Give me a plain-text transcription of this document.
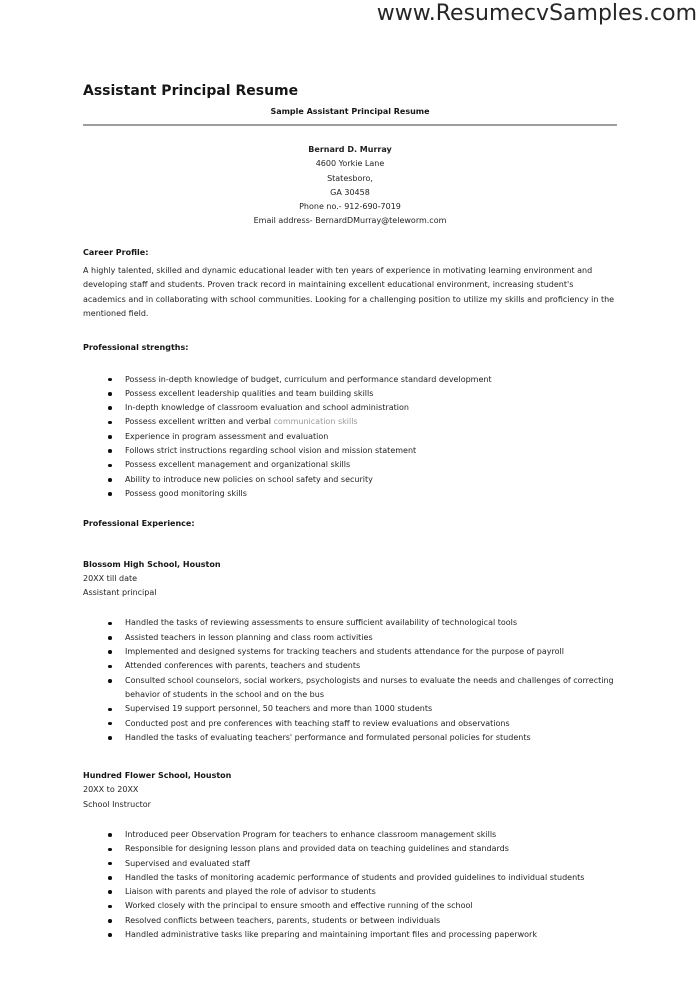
www.ResumecvSamples.com
Assistant Principal Resume
Sample Assistant Principal Resume
Bernard D. Murray
4600 Yorkie Lane
Statesboro,
GA 30458
Phone no.- 912-690-7019
Email address- BernardDMurray@teleworm.com
Career Profile:
A highly talented, skilled and dynamic educational leader with ten years of experience in motivating learning environment and developing staff and students. Proven track record in maintaining excellent educational environment, increasing student's academics and in collaborating with school communities. Looking for a challenging position to utilize my skills and proficiency in the mentioned field.
Professional strengths:
Possess in-depth knowledge of budget, curriculum and performance standard development
Possess excellent leadership qualities and team building skills
In-depth knowledge of classroom evaluation and school administration
Possess excellent written and verbal communication skills
Experience in program assessment and evaluation
Follows strict instructions regarding school vision and mission statement
Possess excellent management and organizational skills
Ability to introduce new policies on school safety and security
Possess good monitoring skills
Professional Experience:
Blossom High School, Houston
20XX till date
Assistant principal
Handled the tasks of reviewing assessments to ensure sufficient availability of technological tools
Assisted teachers in lesson planning and class room activities
Implemented and designed systems for tracking teachers and students attendance for the purpose of payroll
Attended conferences with parents, teachers and students
Consulted school counselors, social workers, psychologists and nurses to evaluate the needs and challenges of correcting behavior of students in the school and on the bus
Supervised 19 support personnel, 50 teachers and more than 1000 students
Conducted post and pre conferences with teaching staff to review evaluations and observations
Handled the tasks of evaluating teachers' performance and formulated personal policies for students
Hundred Flower School, Houston
20XX to 20XX
School Instructor
Introduced peer Observation Program for teachers to enhance classroom management skills
Responsible for designing lesson plans and provided data on teaching guidelines and standards
Supervised and evaluated staff
Handled the tasks of monitoring academic performance of students and provided guidelines to individual students
Liaison with parents and played the role of advisor to students
Worked closely with the principal to ensure smooth and effective running of the school
Resolved conflicts between teachers, parents, students or between individuals
Handled administrative tasks like preparing and maintaining important files and processing paperwork
